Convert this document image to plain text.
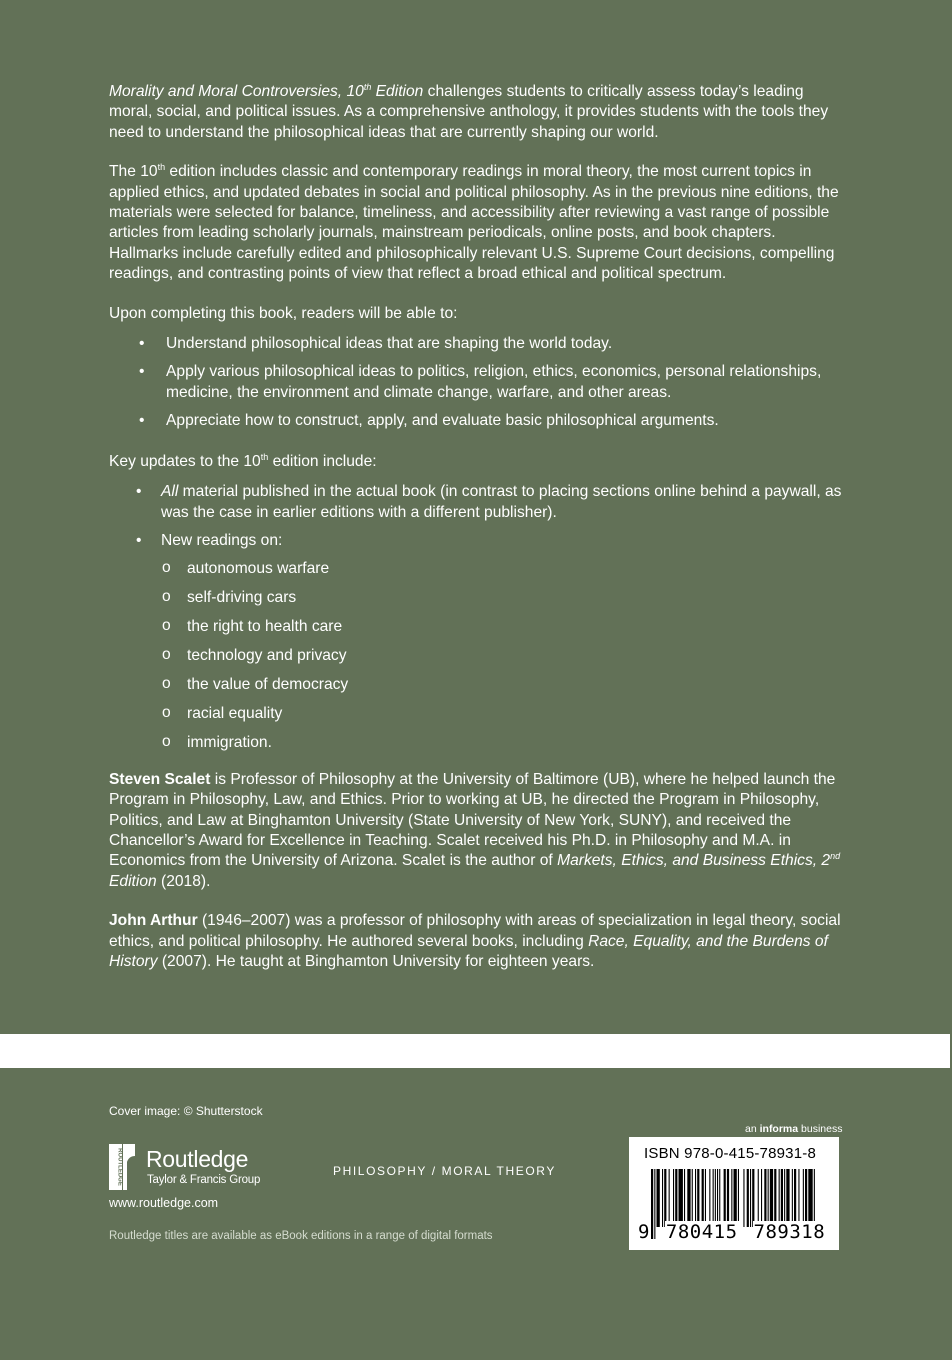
Morality and Moral Controversies, 10th Edition challenges students to critically assess today’s leading moral, social, and political issues. As a comprehensive anthology, it provides students with the tools they need to understand the philosophical ideas that are currently shaping our world.

The 10th edition includes classic and contemporary readings in moral theory, the most current topics in applied ethics, and updated debates in social and political philosophy. As in the previous nine editions, the materials were selected for balance, timeliness, and accessibility after reviewing a vast range of possible articles from leading scholarly journals, mainstream periodicals, online posts, and book chapters. Hallmarks include carefully edited and philosophically relevant U.S. Supreme Court decisions, compelling readings, and contrasting points of view that reflect a broad ethical and political spectrum.

Upon completing this book, readers will be able to:

• Understand philosophical ideas that are shaping the world today.
• Apply various philosophical ideas to politics, religion, ethics, economics, personal relationships, medicine, the environment and climate change, warfare, and other areas.
• Appreciate how to construct, apply, and evaluate basic philosophical arguments.

Key updates to the 10th edition include:

• All material published in the actual book (in contrast to placing sections online behind a paywall, as was the case in earlier editions with a different publisher).
• New readings on:
o autonomous warfare
o self-driving cars
o the right to health care
o technology and privacy
o the value of democracy
o racial equality
o immigration.

Steven Scalet is Professor of Philosophy at the University of Baltimore (UB), where he helped launch the Program in Philosophy, Law, and Ethics. Prior to working at UB, he directed the Program in Philosophy, Politics, and Law at Binghamton University (State University of New York, SUNY), and received the Chancellor’s Award for Excellence in Teaching. Scalet received his Ph.D. in Philosophy and M.A. in Economics from the University of Arizona. Scalet is the author of Markets, Ethics, and Business Ethics, 2nd Edition (2018).

John Arthur (1946–2007) was a professor of philosophy with areas of specialization in legal theory, social ethics, and political philosophy. He authored several books, including Race, Equality, and the Burdens of History (2007). He taught at Binghamton University for eighteen years.

Cover image: © Shutterstock
ROUTLEDGE Routledge
Taylor & Francis Group
www.routledge.com
PHILOSOPHY / MORAL THEORY
Routledge titles are available as eBook editions in a range of digital formats
an informa business
ISBN 978-0-415-78931-8
9 780415 789318
